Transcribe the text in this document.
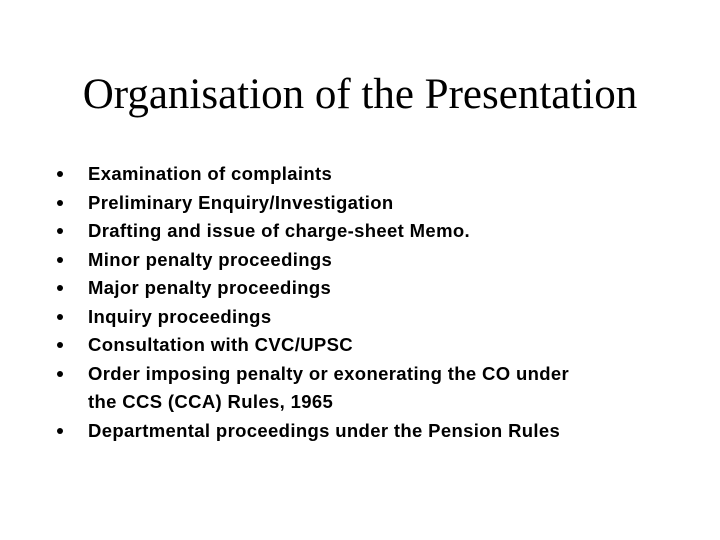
Organisation of the Presentation
Examination of complaints
Preliminary Enquiry/Investigation
Drafting and issue of charge-sheet Memo.
Minor penalty proceedings
Major penalty proceedings
Inquiry proceedings
Consultation with CVC/UPSC
Order imposing penalty or exonerating the CO under
the CCS (CCA) Rules, 1965
Departmental proceedings under the Pension Rules
